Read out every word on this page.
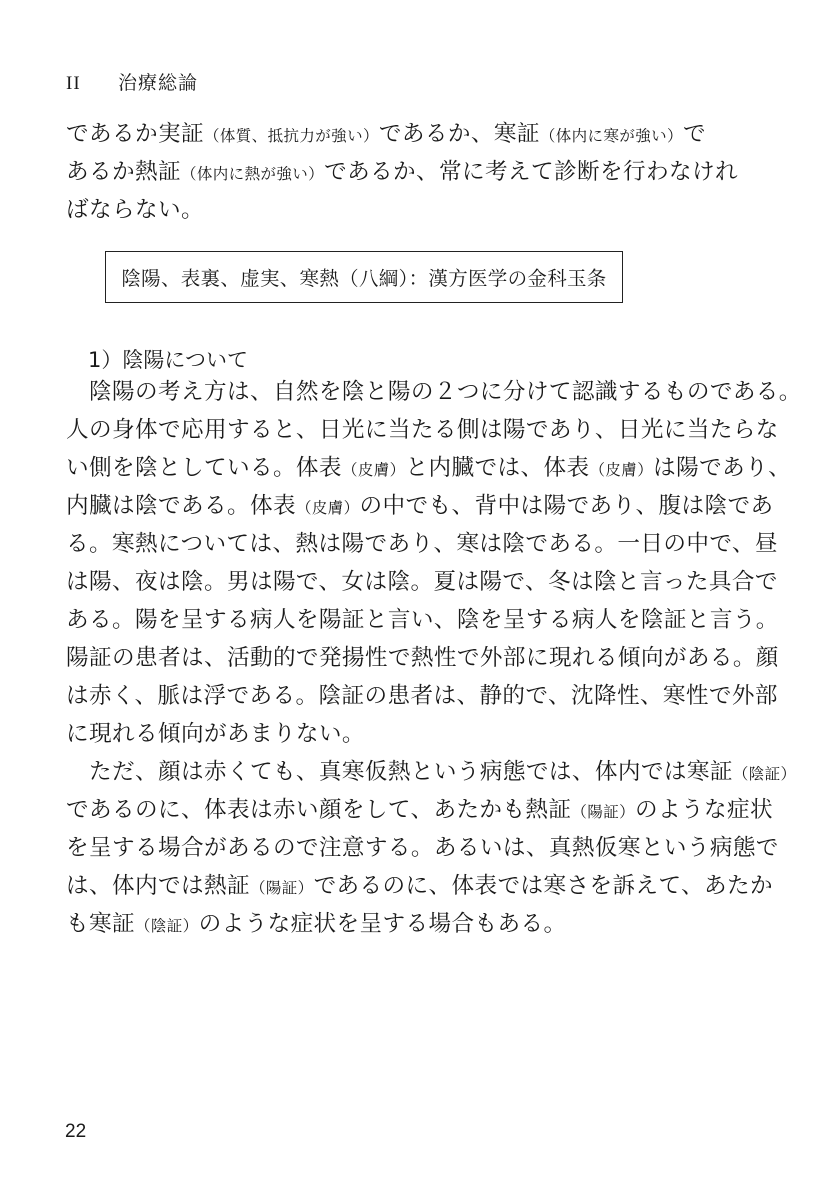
II 治療総論
であるか実証（体質、抵抗力が強い）であるか、寒証（体内に寒が強い）で
あるか熱証（体内に熱が強い）であるか、常に考えて診断を行わなけれ
ばならない。
陰陽、表裏、虚実、寒熱（八綱）：漢方医学の金科玉条
1）陰陽について
　陰陽の考え方は、自然を陰と陽の２つに分けて認識するものである。
人の身体で応用すると、日光に当たる側は陽であり、日光に当たらな
い側を陰としている。体表（皮膚）と内臓では、体表（皮膚）は陽であり、
内臓は陰である。体表（皮膚）の中でも、背中は陽であり、腹は陰であ
る。寒熱については、熱は陽であり、寒は陰である。一日の中で、昼
は陽、夜は陰。男は陽で、女は陰。夏は陽で、冬は陰と言った具合で
ある。陽を呈する病人を陽証と言い、陰を呈する病人を陰証と言う。
陽証の患者は、活動的で発揚性で熱性で外部に現れる傾向がある。顔
は赤く、脈は浮である。陰証の患者は、静的で、沈降性、寒性で外部
に現れる傾向があまりない。
　ただ、顔は赤くても、真寒仮熱という病態では、体内では寒証（陰証）
であるのに、体表は赤い顔をして、あたかも熱証（陽証）のような症状
を呈する場合があるので注意する。あるいは、真熱仮寒という病態で
は、体内では熱証（陽証）であるのに、体表では寒さを訴えて、あたか
も寒証（陰証）のような症状を呈する場合もある。
22
